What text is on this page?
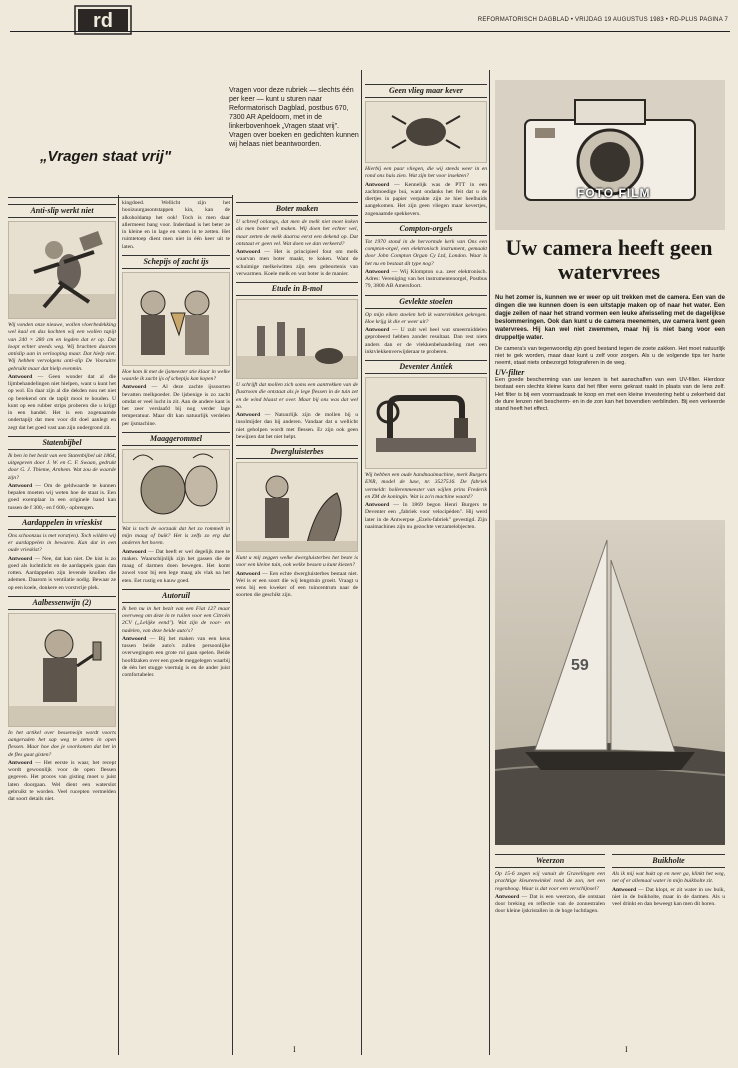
rd	REFORMATORISCH DAGBLAD • VRIJDAG 19 AUGUSTUS 1983 • RD-PLUS PAGINA 7
„Vragen staat vrij"
Vragen voor deze rubriek — slechts één per keer — kunt u sturen naar Reformatorisch Dagblad, postbus 670, 7300 AR Apeldoorn, met in de linkerbovenhoek „Vragen staat vrij". Vragen over boeken en gedichten kunnen wij helaas niet beantwoorden.
Anti-slip werkt niet

Wij vonden onze nieuwe, wollen vloerbedekking wel kaal en das kochten wij een wollen tapijt van 240 × 280 cm en legden dat er op. Dat loopt echter steeds weg. Wij brachten daarom antislip aan in verlooping maar. Dat hielp niet. Wij hebben vervolgens anti-slip De Vooruitre gebruikt maar dat hielp evenmin.

Antwoord — Geen wonder dat al die lijmbehandelingen niet hielpen, want u kunt het op wol. En daar zijn al die dekden nou net niet op berekend om de tapijt mooi te houden. U kunt op een rubber strips proberen die u krijgt in een handel. Het is een zogenaamde ondertapijt dat men voor dit doel aanlegt en zegt dat het goed vast aan zijn ondergrond zit.

Statenbijbel

Ik ben in het bezit van een Statenbijbel uit 1864, uitgegeven door J. W. en C. F. Swaan, gedrukt door G. J. Thieme, Arnhem. Wat zou de waarde zijn?

Antwoord — Om de geldwaarde te kunnen bepalen moeten wij weten hoe de staat is. Een goed exemplaar in een originele band kan tussen de f 300,- en f 600,- opbrengen.

Aardappelen in vrieskist

Ons schoonzus is met vorst(en). Toch wilden wij er aardappelen in bewaren. Kan dat in een oude vrieskist?

Antwoord — Nee, dat kan niet. De kist is zo goed als luchtdicht en de aardappels gaan dan rotten. Aardappelen zijn levende knollen die ademen. Daarom is ventilatie nodig. Bewaar ze op een koele, donkere en vorstvrije plek.

Aalbessenwijn (2)

In het artikel over bessenwijn wordt voorts aangeraden het sap weg te zetten in open flessen. Maar hoe doe je voorkomen dat het in de fles gaat gisten?

Antwoord — Het eerste is waar, het recept wordt gewoonlijk voor de open flessen gegeven. Het proces van gisting moet u juist laten doorgaan. Wel dient een waterslot gebruikt te worden. Veel rucepten vermelden dat soort details niet.

kingdoed. Wellicht zijn het hooizuurgasontstappen kin, kan de alkoholdamp het ook! Toch is men daar allermeest bang voor. Inderdaad is het beter ze in kleine en in lage en vaten in te zetten. Het ruimtetoep dient men niet in één keer uit te laten.

Schepijs of zacht ijs

Hoe kom ik met de ijsmeester stie klaar in welke waarde ik zacht ijs of schepijs kan kopen?

Antwoord — Al deze zachte ijssoorten bevatten melkpoeder. De ijsbenige is zo zacht omdat er veel lucht in zit. Aan de andere kant is het zeer verslaafd bij nog verder lage temperatuur. Maar dit kan natuurlijk verdelen per ijsmachine.

Maaggerommel

Wat is toch de oorzaak dat het zo rommelt in mijn maag of buik? Het is zelfs zo erg dat anderen het horen.

Antwoord — Dat heeft er wel degelijk mee te maken. Waarschijnlijk zijn het gassen die de maag of darmen doen bewegen. Het komt zowel voor bij een lege maag als vlak na het eten. Eet rustig en kauw goed.

Autoruil

Ik ben nu in het bezit van een Fiat 127 maar overweeg om deze in te ruilen voor een Citroën 2CV („Lelijke eend"). Wat zijn de voor- en nadelen, van deze beide auto's?

Antwoord — Bij het maken van een keus tussen beide auto's zullen persoonlijke overwegingen een grote rol gaan spelen. Beide hoofdzaken over een goede meggelegen waarbij de één het stugge voertuig is en de ander juist comfortabeler.

Boter maken

U schreef onlangs, dat men de melk niet moet koken als men boter wil maken. Wij doen het echter wel, maar zetten de melk daarna eerst een dekend op. Dat ontstaat er geen vel. Wat doen we dan verkeerd?

Antwoord — Het is principieel fout om melk waarvan men boter maakt, te koken. Want de schuimige melkeiwitten zijn een gebeurtenis van verwarmen. Koele melk en wat boter is de manier.

Etude in B-mol

U schrijft dat mollen zich soms een aantrekken van de flustroom die ontstaat als je lege flessen in de tuin zet en de wind blaast er over. Maar bij ons was dat wel zo.

Antwoord — Natuurlijk zijn de mollen bij u insolmijder dan bij anderen. Vandaar dat u wellicht niet geholpen wordt met flessen. Er zijn ook geen bewijzen dat het niet helpt.

Dwergluisterbes

Kunt u mij zeggen welke dwergluisterbes het beste is voor een kleine tuin, ook welke bessen u kunt kiezen?

Antwoord — Een echte dwergluisterbes bestaat niet. Wel is er een soort die wij lengstuin groeit. Vraagt u eens bij een kweker of een tuincentrum naar de soorten die geschikt zijn.

Geen vlieg maar kever

Hierbij een paar vliegen, die wij steeds weer in en rond ons huis zien. Wat zijn het voor insekten?

Antwoord — Kennelijk was de PTT in een zachtmoedige bui, want ondanks het feit dat u de diertjes in papier verpakte zijn ze hier heelhuids aangekomen. Het zijn geen vliegen maar kevertjes, zogenaamde spekkevers.

Compton-orgels

Tot 1970 stond in de hervormde kerk van Ons een compton-orgel, een elektronisch instrument, gemaakt door John Compton Organ Cy Ltd, London. Waar is het nu en bestaat dit type nog?

Antwoord — Wij Klompton o.a. zeer elektronisch. Adres: Vereniging van het instrumentenorgel, Postbus 79, 3800 AB Amersfoort.

Gevlekte stoelen

Op mijn eiken stoelen heb ik watervlekken gekregen. Hoe krijg ik die er weer uit?

Antwoord — U zult wel heel wat smeermiddelen geprobeerd hebben zonder resultaat. Dan rest niets anders dan er de vlekkenbehandeling met een inktvlekkenverwijderaar te proberen.

Deventer Antiek

Wij hebben een oude handnaaimachine, merk Burgers ENR, model de luxe, nr. 3527516. De fabriek vermeldt: hollerenmeester van wijlen prins Frederik en ZM de koningin. Wat is zo'n machine waard?

Antwoord — In 1869 begon Henri Burgers te Deventer een „fabriek voor velocipèden". Hij werd later in de Antwerpse „Ezels-fabriek" gevestigd. Zijn naaimachines zijn nu gezochte verzamelobjecten.

FOTO FILM
Uw camera heeft geen watervrees
Nu het zomer is, kunnen we er weer op uit trekken met de camera. Een van de dingen die we kunnen doen is een uitstapje maken op of naar het water. Een dagje zeilen of naar het strand vormen een leuke afwisseling met de dagelijkse beslommeringen. Ook dan kunt u de camera meenemen, uw camera kent geen watervrees. Hij kan wel niet zwemmen, maar hij is niet bang voor een druppeltje water.

De camera's van tegenwoordig zijn goed bestand tegen de zoete zakken. Het moet natuurlijk niet te gek worden, maar daar kunt u zelf voor zorgen. Als u de volgende tips ter harte neemt, staat niets onbezorgd fotograferen in de weg.

UV-filter

Een goede bescherming van uw lenzen is het aanschaffen van een UV-filter. Hierdoor bestaat een slechts kleine kans dat het filter eens gekrast raakt in plaats van de lens zelf. Het filter is bij een voorraadzaak te koop en met een kleine investering hebt u zekerheid dat de dure lenzen niet bescherm- en in de zon kan het bovendien verblinden. Bij een verkeerde stand heeft het effect.

59
Weerzon

Op 15-6 zegen wij vanuit de Gravelingen een prachtige kleurenwinkel rond de zon, net een regenboog. Waar is dat voor een verschijnsel?

Antwoord — Dat is een weerzon, die ontstaat door breking en reflectie van de zonnestralen door kleine ijskristallen in de hoge luchtlagen.

Buikholte

Als ik mij wat bukt op en neer ga, klinkt het weg, net of er allemaal water in mijn buikholte zit.

Antwoord — Dat klopt, er zit water in uw buik, niet in de buikholte, maar in de darmen. Als u veel drinkt en dan beweegt kan men dit horen.

I	I
